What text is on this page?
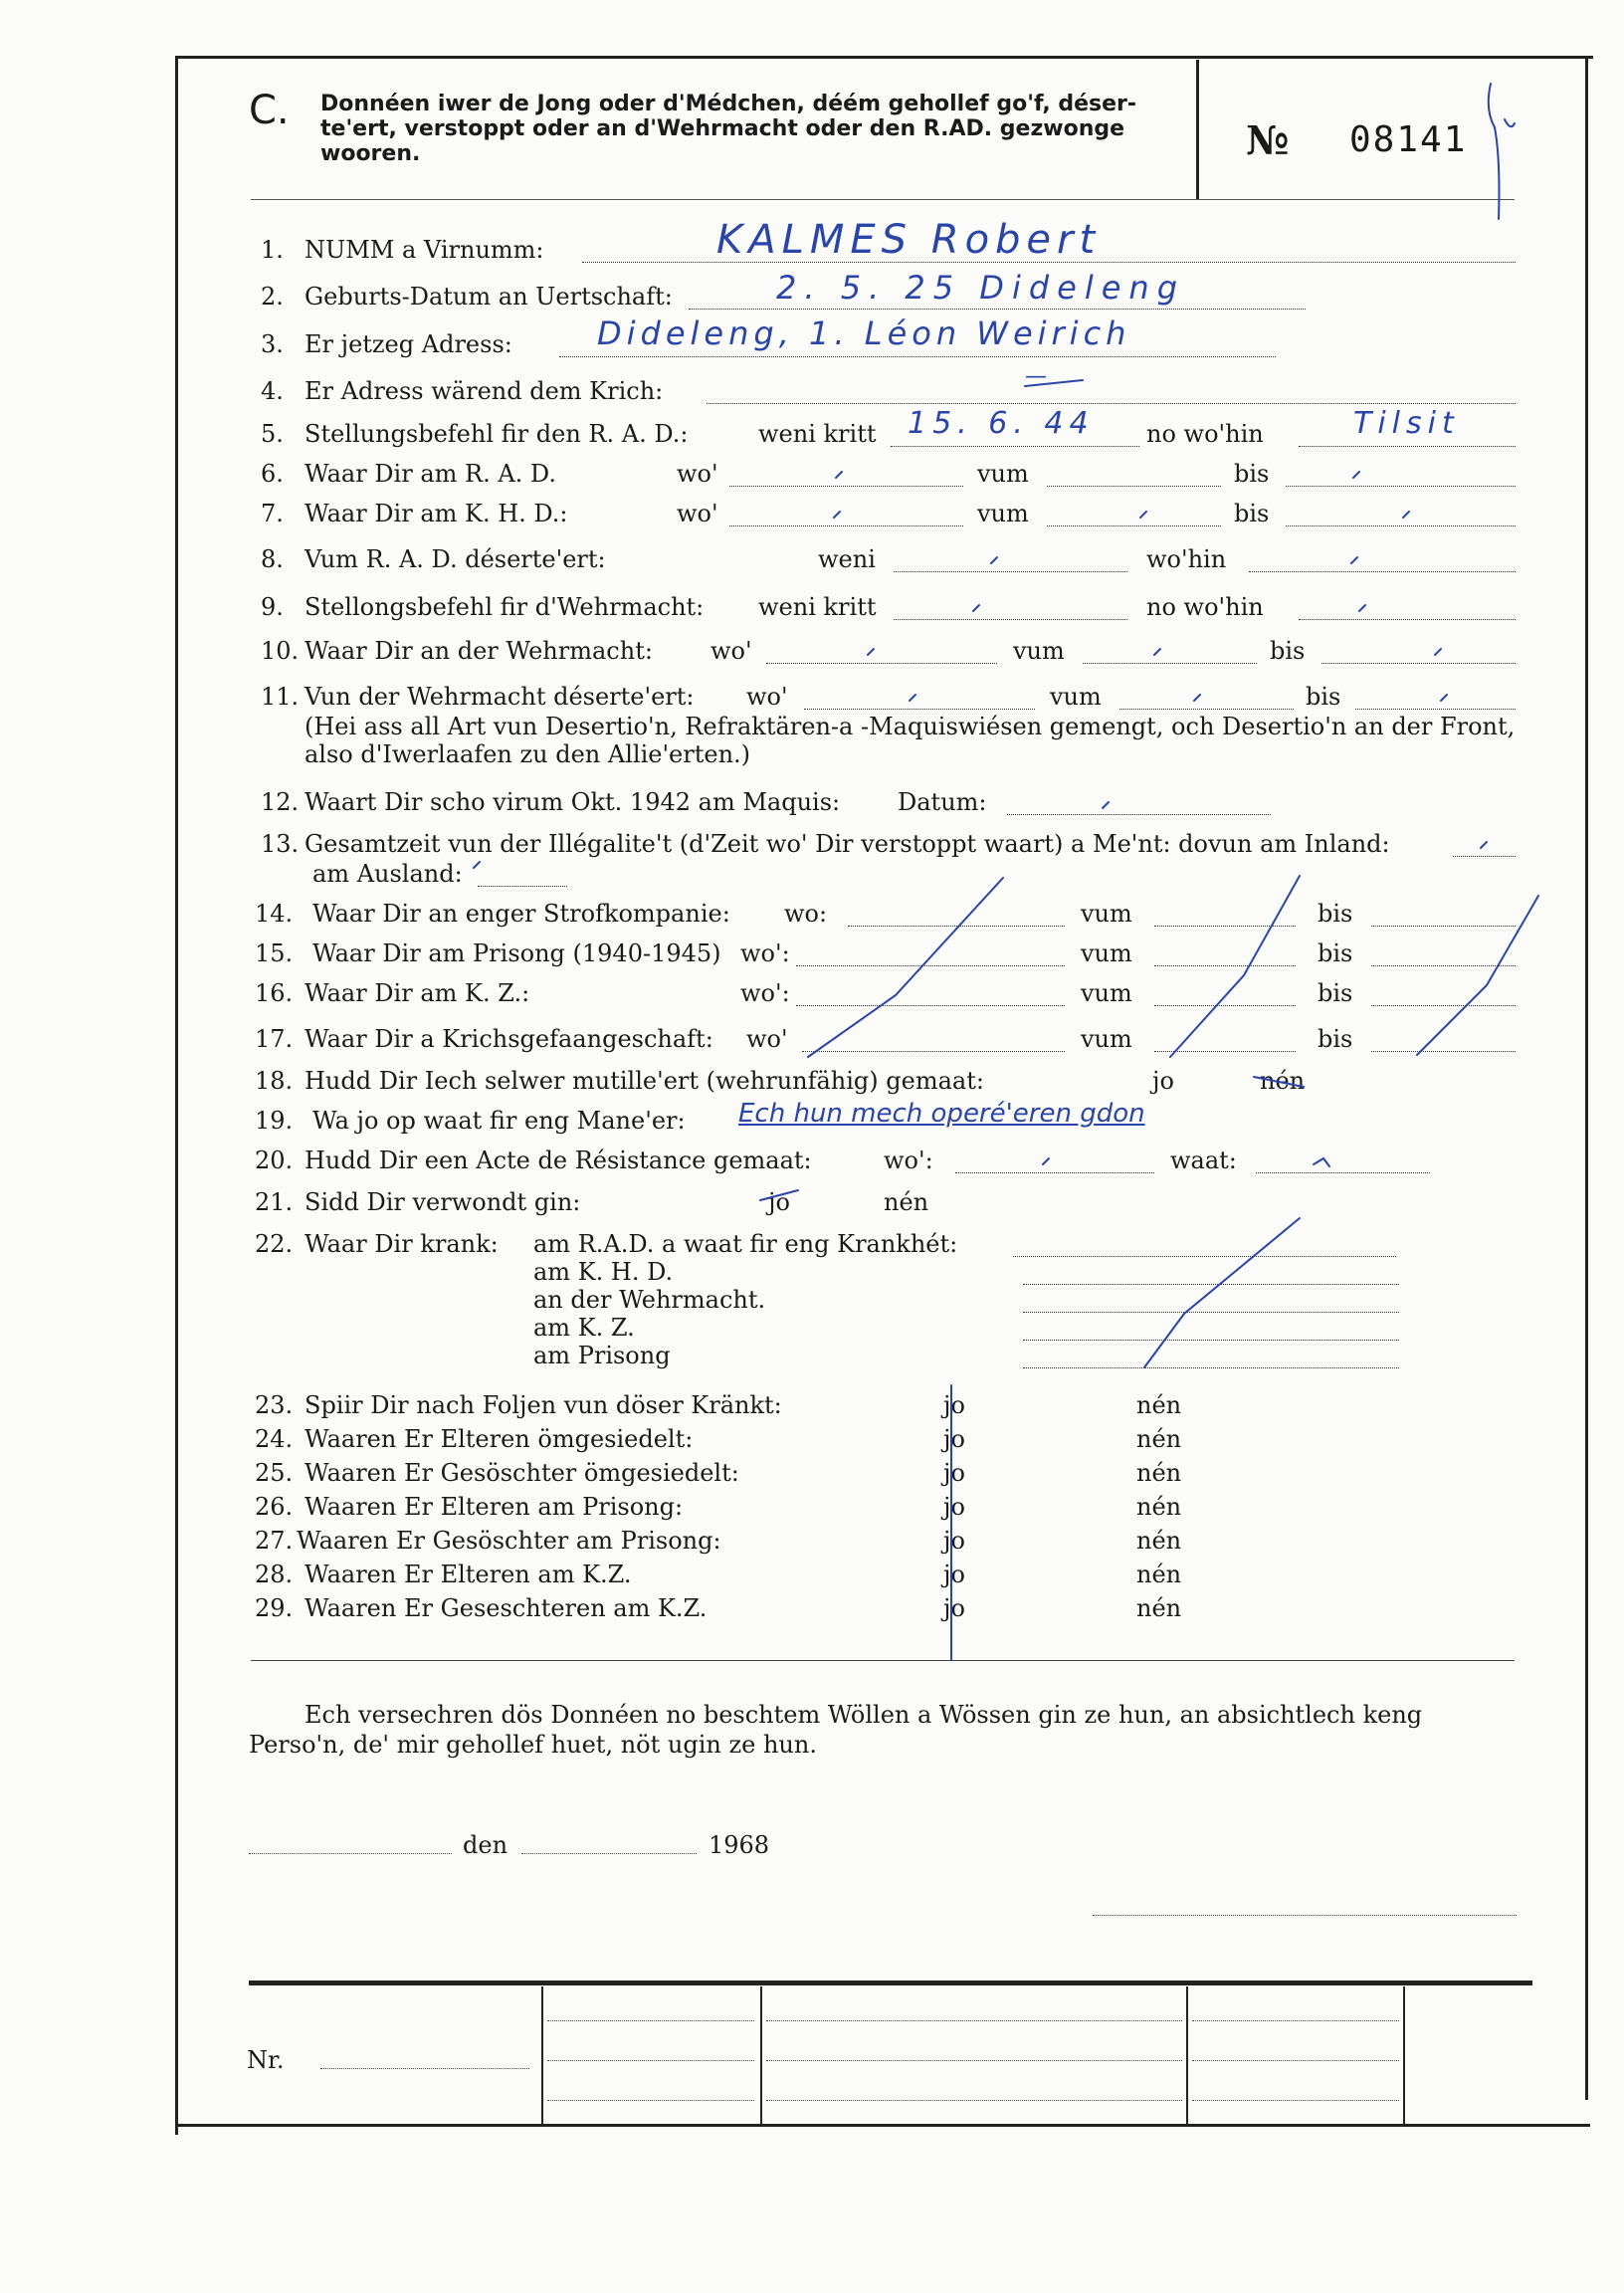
C. Donnéen iwer de Jong oder d'Médchen, déém gehollef go'f, déser-te'ert, verstoppt oder an d'Wehrmacht oder den R.AD. gezwonge wooren.	№ 08141
1. NUMM a Virnumm:	KALMES Robert
2. Geburts-Datum an Uertschaft:	2. 5. 25 Dideleng
3. Er jetzeg Adress:	Dideleng, 1. Léon Weirich
4. Er Adress wärend dem Krich:
—
5. Stellungsbefehl fir den R. A. D.:	weni kritt 15. 6. 44 no wo'hin	Tilsit
6. Waar Dir am R. A. D.	wo'	vum	bis
7. Waar Dir am K. H. D.:	wo'	vum	bis
8. Vum R. A. D. déserte'ert:	weni	wo'hin
9. Stellongsbefehl fir d'Wehrmacht: weni kritt	no wo'hin
10. Waar Dir an der Wehrmacht: wo'	vum	bis
11. Vun der Wehrmacht déserte'ert: wo'	vum	bis
(Hei ass all Art vun Desertio'n, Refraktären-a -Maquiswiésen gemengt, och Desertio'n an der Front, also d'Iwerlaafen zu den Allie'erten.)
12. Waart Dir scho virum Okt. 1942 am Maquis: Datum:
13. Gesamtzeit vun der Illégalite't (d'Zeit wo' Dir verstoppt waart) a Me'nt: dovun am Inland:
am Ausland:
14. Waar Dir an enger Strofkompanie: wo:	vum	bis
15. Waar Dir am Prisong (1940-1945) wo':	vum	bis
16. Waar Dir am K. Z.:	wo':	vum	bis
17. Waar Dir a Krichsgefaangeschaft: wo'	vum	bis
18. Hudd Dir Iech selwer mutille'ert (wehrunfähig) gemaat:	jo	nén
19. Wa jo op waat fir eng Mane'er: Ech hun mech operé'eren gdon
20. Hudd Dir een Acte de Résistance gemaat:	wo':	waat:
21. Sidd Dir verwondt gin:	jo	nén
22. Waar Dir krank: am R.A.D. a waat fir eng Krankhét:
am K. H. D.
an der Wehrmacht.
am K. Z.
am Prisong
23. Spiir Dir nach Foljen vun döser Kränkt:	jo	nén
24. Waaren Er Elteren ömgesiedelt:	jo	nén
25. Waaren Er Gesöschter ömgesiedelt:	jo	nén
26. Waaren Er Elteren am Prisong:	jo	nén
27. Waaren Er Gesöschter am Prisong:	jo	nén
28. Waaren Er Elteren am K.Z.	jo	nén
29. Waaren Er Geseschteren am K.Z.	jo	nén
Ech versechren dös Donnéen no beschtem Wöllen a Wössen gin ze hun, an absichtlech keng Perso'n, de' mir gehollef huet, nöt ugin ze hun.
den	1968
Nr.
